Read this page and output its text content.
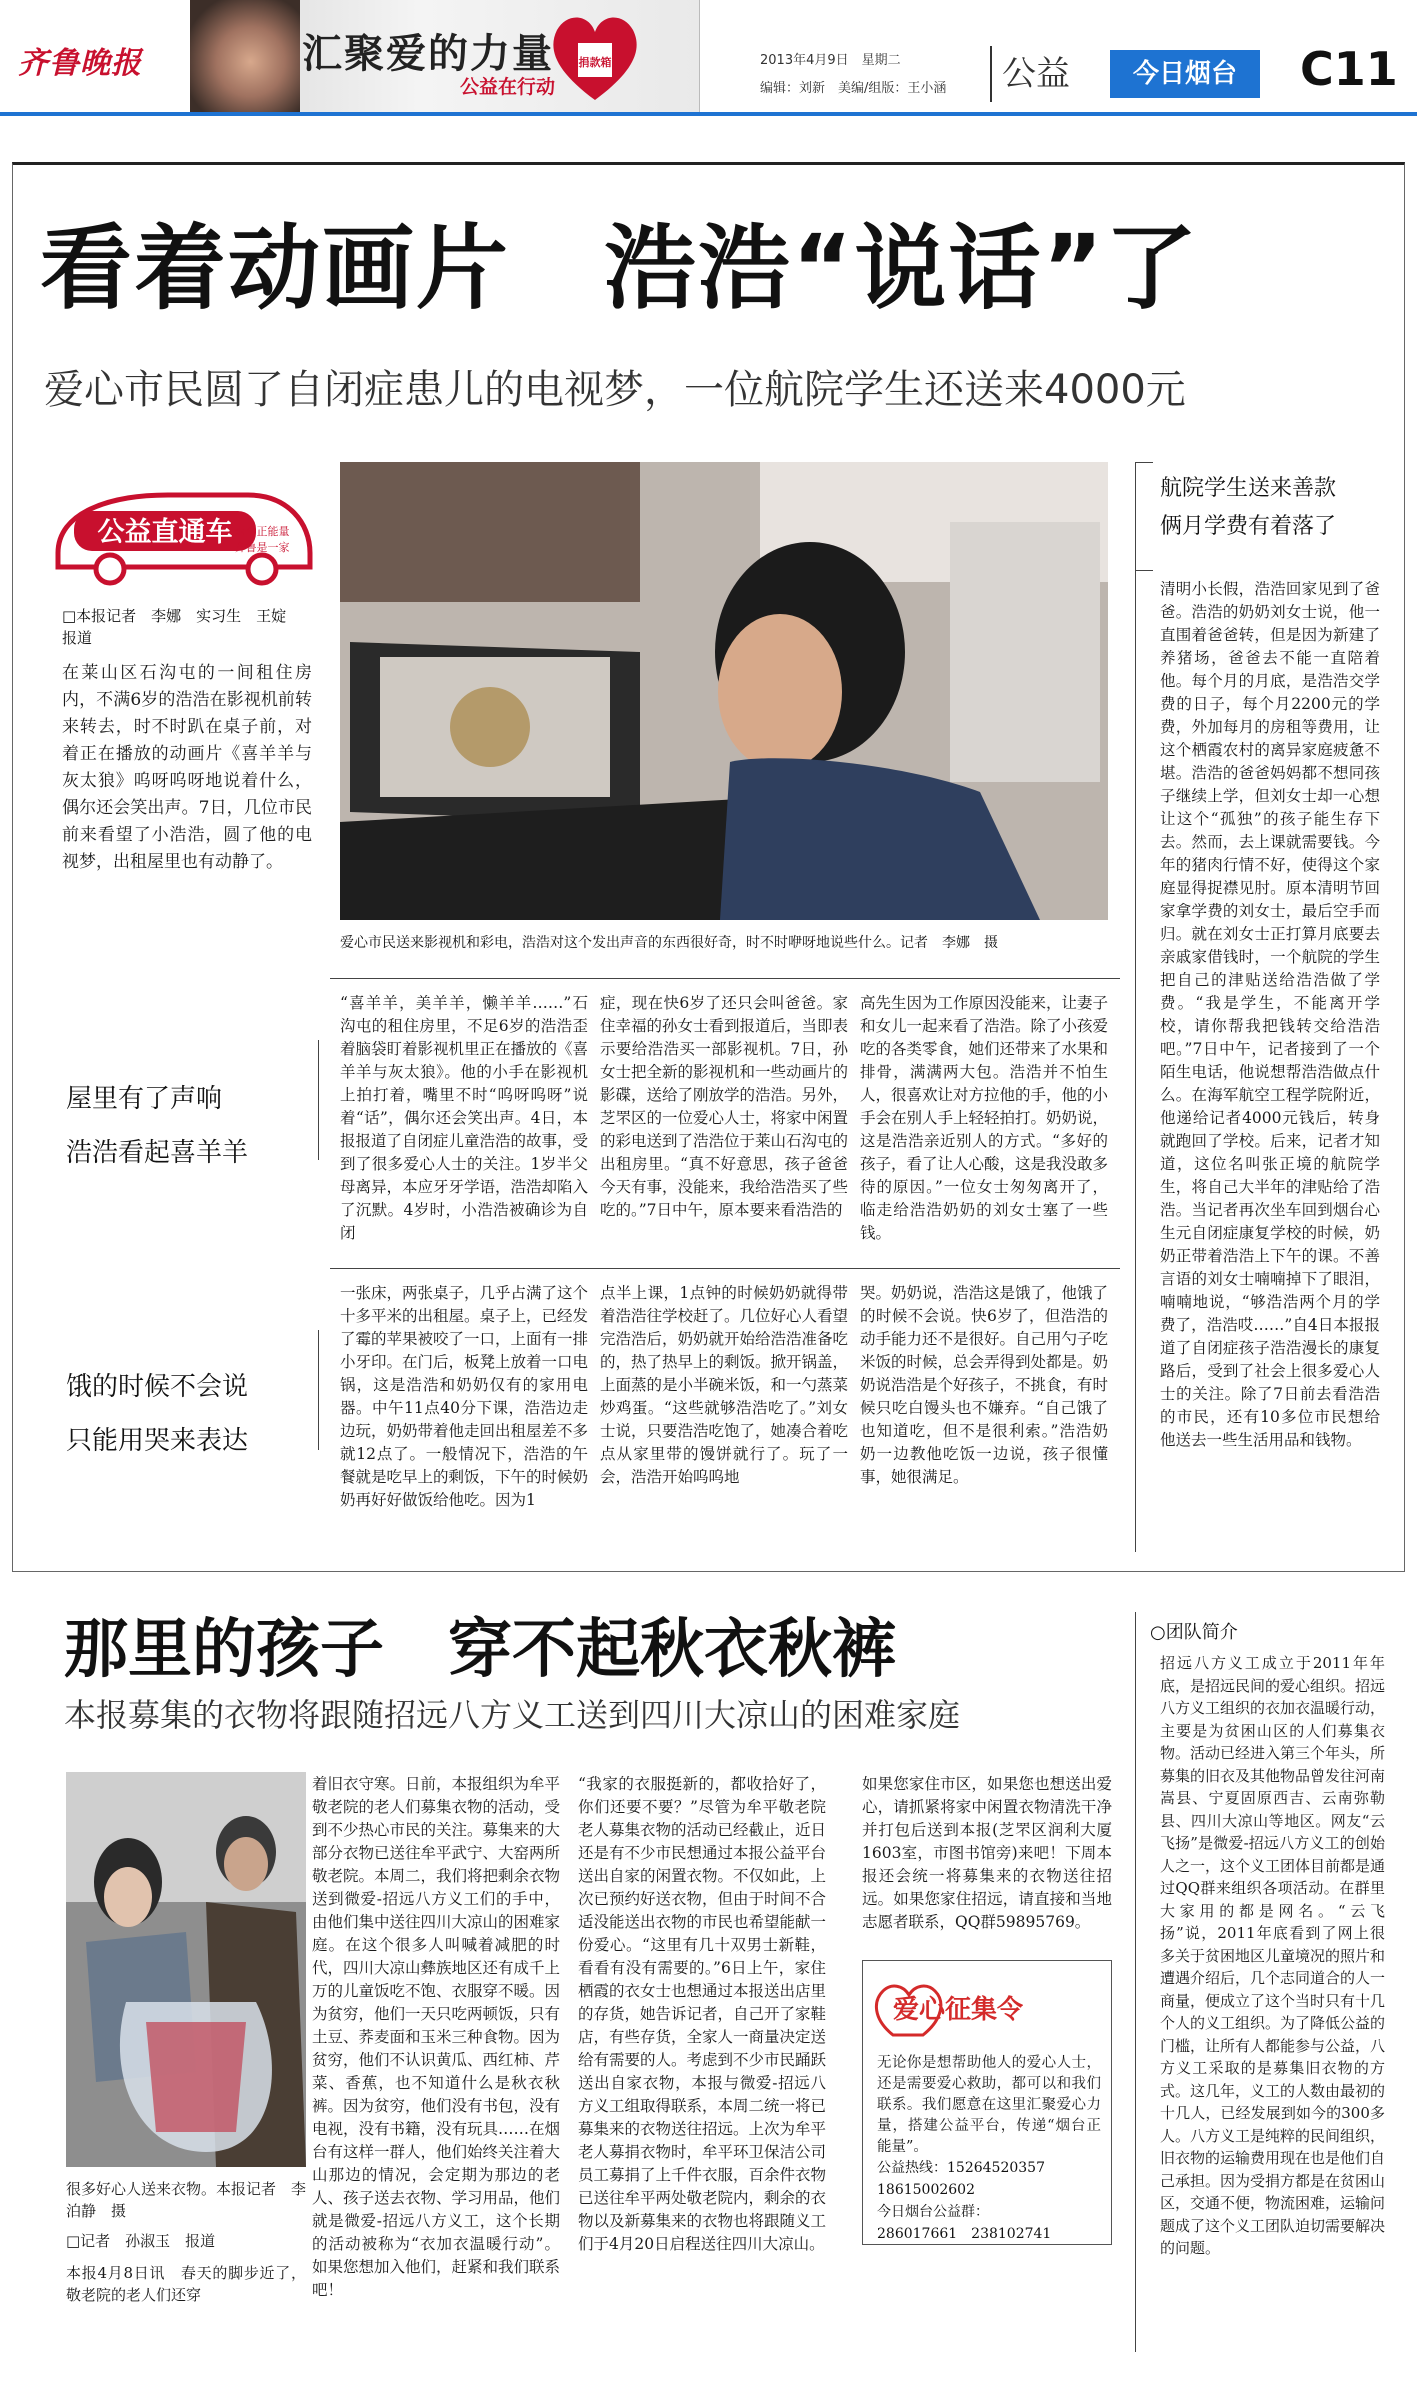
齐鲁晚报	汇聚爱的力量
公益在行动
捐款箱	2013年4月9日　星期二
编辑：刘新　美编/组版：王小涵 公益	今日烟台	C11
看着动画片　浩浩“说话”了
爱心市民圆了自闭症患儿的电视梦，一位航院学生还送来4000元
公益直通车 烟台正能量
齐鲁是一家
□本报记者　李娜　实习生　王婝　报道
在莱山区石沟屯的一间租住房内，不满6岁的浩浩在影视机前转来转去，时不时趴在桌子前，对着正在播放的动画片《喜羊羊与灰太狼》呜呀呜呀地说着什么，偶尔还会笑出声。7日，几位市民前来看望了小浩浩，圆了他的电视梦，出租屋里也有动静了。
爱心市民送来影视机和彩电，浩浩对这个发出声音的东西很好奇，时不时咿呀地说些什么。记者　李娜　摄
航院学生送来善款
俩月学费有着落了
清明小长假，浩浩回家见到了爸爸。浩浩的奶奶刘女士说，他一直围着爸爸转，但是因为新建了养猪场，爸爸去不能一直陪着他。每个月的月底，是浩浩交学费的日子，每个月2200元的学费，外加每月的房租等费用，让这个栖霞农村的离异家庭疲惫不堪。浩浩的爸爸妈妈都不想同孩子继续上学，但刘女士却一心想让这个“孤独”的孩子能生存下去。然而，去上课就需要钱。今年的猪肉行情不好，使得这个家庭显得捉襟见肘。原本清明节回家拿学费的刘女士，最后空手而归。就在刘女士正打算月底要去亲戚家借钱时，一个航院的学生把自己的津贴送给浩浩做了学费。“我是学生，不能离开学校，请你帮我把钱转交给浩浩吧。”7日中午，记者接到了一个陌生电话，他说想帮浩浩做点什么。在海军航空工程学院附近，他递给记者4000元钱后，转身就跑回了学校。后来，记者才知道，这位名叫张正境的航院学生，将自己大半年的津贴给了浩浩。当记者再次坐车回到烟台心生元自闭症康复学校的时候，奶奶正带着浩浩上下午的课。不善言语的刘女士喃喃掉下了眼泪，喃喃地说，“够浩浩两个月的学费了，浩浩哎……”自4日本报报道了自闭症孩子浩浩漫长的康复路后，受到了社会上很多爱心人士的关注。除了7日前去看浩浩的市民，还有10多位市民想给他送去一些生活用品和钱物。
屋里有了声响
浩浩看起喜羊羊
“喜羊羊，美羊羊，懒羊羊……”石沟屯的租住房里，不足6岁的浩浩歪着脑袋盯着影视机里正在播放的《喜羊羊与灰太狼》。他的小手在影视机上拍打着，嘴里不时“呜呀呜呀”说着“话”，偶尔还会笑出声。4日，本报报道了自闭症儿童浩浩的故事，受到了很多爱心人士的关注。1岁半父母离异，本应牙牙学语，浩浩却陷入了沉默。4岁时，小浩浩被确诊为自闭
症，现在快6岁了还只会叫爸爸。家住幸福的孙女士看到报道后，当即表示要给浩浩买一部影视机。7日，孙女士把全新的影视机和一些动画片的影碟，送给了刚放学的浩浩。另外，芝罘区的一位爱心人士，将家中闲置的彩电送到了浩浩位于莱山石沟屯的出租房里。“真不好意思，孩子爸爸今天有事，没能来，我给浩浩买了些吃的。”7日中午，原本要来看浩浩的
高先生因为工作原因没能来，让妻子和女儿一起来看了浩浩。除了小孩爱吃的各类零食，她们还带来了水果和排骨，满满两大包。浩浩并不怕生人，很喜欢让对方拉他的手，他的小手会在别人手上轻轻拍打。奶奶说，这是浩浩亲近别人的方式。“多好的孩子，看了让人心酸，这是我没敢多待的原因。”一位女士匆匆离开了，临走给浩浩奶奶的刘女士塞了一些钱。
饿的时候不会说
只能用哭来表达
一张床，两张桌子，几乎占满了这个十多平米的出租屋。桌子上，已经发了霉的苹果被咬了一口，上面有一排小牙印。在门后，板凳上放着一口电锅，这是浩浩和奶奶仅有的家用电器。中午11点40分下课，浩浩边走边玩，奶奶带着他走回出租屋差不多就12点了。一般情况下，浩浩的午餐就是吃早上的剩饭，下午的时候奶奶再好好做饭给他吃。因为1
点半上课，1点钟的时候奶奶就得带着浩浩往学校赶了。几位好心人看望完浩浩后，奶奶就开始给浩浩准备吃的，热了热早上的剩饭。掀开锅盖，上面蒸的是小半碗米饭，和一勺蒸菜炒鸡蛋。“这些就够浩浩吃了。”刘女士说，只要浩浩吃饱了，她凑合着吃点从家里带的馒饼就行了。玩了一会，浩浩开始呜呜地
哭。奶奶说，浩浩这是饿了，他饿了的时候不会说。快6岁了，但浩浩的动手能力还不是很好。自己用勺子吃米饭的时候，总会弄得到处都是。奶奶说浩浩是个好孩子，不挑食，有时候只吃白馒头也不嫌弃。“自己饿了也知道吃，但不是很利索。”浩浩奶奶一边教他吃饭一边说，孩子很懂事，她很满足。
那里的孩子　穿不起秋衣秋裤
本报募集的衣物将跟随招远八方义工送到四川大凉山的困难家庭
很多好心人送来衣物。本报记者　李泊静　摄
□记者　孙淑玉　报道
本报4月8日讯　春天的脚步近了，敬老院的老人们还穿
着旧衣守寒。日前，本报组织为牟平敬老院的老人们募集衣物的活动，受到不少热心市民的关注。募集来的大部分衣物已送往牟平武宁、大窑两所敬老院。本周二，我们将把剩余衣物送到微爱-招远八方义工们的手中，由他们集中送往四川大凉山的困难家庭。在这个很多人叫喊着减肥的时代，四川大凉山彝族地区还有成千上万的儿童饭吃不饱、衣服穿不暖。因为贫穷，他们一天只吃两顿饭，只有土豆、荞麦面和玉米三种食物。因为贫穷，他们不认识黄瓜、西红柿、芹菜、香蕉，也不知道什么是秋衣秋裤。因为贫穷，他们没有书包，没有电视，没有书籍，没有玩具……在烟台有这样一群人，他们始终关注着大山那边的情况，会定期为那边的老人、孩子送去衣物、学习用品，他们就是微爱-招远八方义工，这个长期的活动被称为“衣加衣温暖行动”。如果您想加入他们，赶紧和我们联系吧！
“我家的衣服挺新的，都收拾好了，你们还要不要？”尽管为牟平敬老院老人募集衣物的活动已经截止，近日还是有不少市民想通过本报公益平台送出自家的闲置衣物。不仅如此，上次已预约好送衣物，但由于时间不合适没能送出衣物的市民也希望能献一份爱心。“这里有几十双男士新鞋，看看有没有需要的。”6日上午，家住栖霞的衣女士也想通过本报送出店里的存货，她告诉记者，自己开了家鞋店，有些存货，全家人一商量决定送给有需要的人。考虑到不少市民踊跃送出自家衣物，本报与微爱-招远八方义工组取得联系，本周二统一将已募集来的衣物送往招远。上次为牟平老人募捐衣物时，牟平环卫保洁公司员工募捐了上千件衣服，百余件衣物已送往牟平两处敬老院内，剩余的衣物以及新募集来的衣物也将跟随义工们于4月20日启程送往四川大凉山。
如果您家住市区，如果您也想送出爱心，请抓紧将家中闲置衣物清洗干净并打包后送到本报(芝罘区润利大厦1603室，市图书馆旁)来吧！下周本报还会统一将募集来的衣物送往招远。如果您家住招远，请直接和当地志愿者联系，QQ群59895769。
爱心征集令
无论你是想帮助他人的爱心人士，还是需要爱心救助，都可以和我们联系。我们愿意在这里汇聚爱心力量，搭建公益平台，传递“烟台正能量”。
公益热线：15264520357
18615002602
今日烟台公益群：
286017661　238102741
○团队简介
招远八方义工成立于2011年年底，是招远民间的爱心组织。招远八方义工组织的衣加衣温暖行动，主要是为贫困山区的人们募集衣物。活动已经进入第三个年头，所募集的旧衣及其他物品曾发往河南嵩县、宁夏固原西吉、云南弥勒县、四川大凉山等地区。网友“云飞扬”是微爱-招远八方义工的创始人之一，这个义工团体目前都是通过QQ群来组织各项活动。在群里大家用的都是网名。“云飞扬”说，2011年底看到了网上很多关于贫困地区儿童境况的照片和遭遇介绍后，几个志同道合的人一商量，便成立了这个当时只有十几个人的义工组织。为了降低公益的门槛，让所有人都能参与公益，八方义工采取的是募集旧衣物的方式。这几年，义工的人数由最初的十几人，已经发展到如今的300多人。八方义工是纯粹的民间组织，旧衣物的运输费用现在也是他们自己承担。因为受捐方都是在贫困山区，交通不便，物流困难，运输问题成了这个义工团队迫切需要解决的问题。
